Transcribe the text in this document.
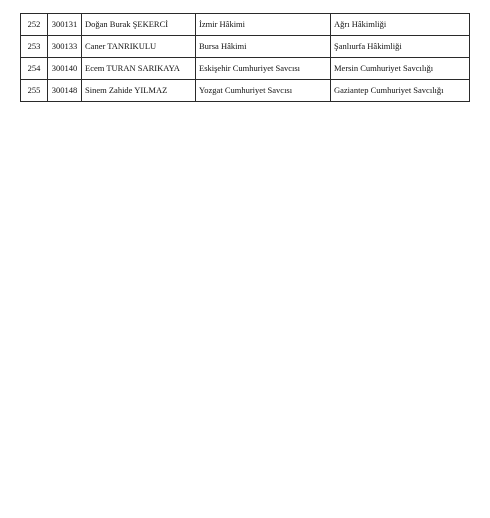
252	300131	Doğan Burak ŞEKERCİ	İzmir Hâkimi	Ağrı Hâkimliği
253	300133	Caner TANRIKULU	Bursa Hâkimi	Şanlıurfa Hâkimliği
254	300140	Ecem TURAN SARIKAYA	Eskişehir Cumhuriyet Savcısı	Mersin Cumhuriyet Savcılığı
255	300148	Sinem Zahide YILMAZ	Yozgat Cumhuriyet Savcısı	Gaziantep Cumhuriyet Savcılığı
